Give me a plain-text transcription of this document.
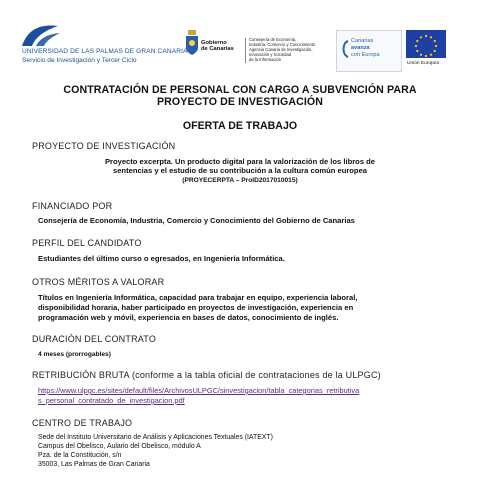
UNIVERSIDAD DE LAS PALMAS DE GRAN CANARIA
Servicio de Investigación y Tercer Ciclo
Gobierno
de Canarias
Consejería de Economía,
Industria, Comercio y Conocimiento
Agencia Canaria de Investigación,
Innovación y Sociedad
de la Información
Canarias
avanza
con Europa
Unión Europea
CONTRATACIÓN DE PERSONAL CON CARGO A SUBVENCIÓN PARA
PROYECTO DE INVESTIGACIÓN
OFERTA DE TRABAJO
PROYECTO DE INVESTIGACIÓN
Proyecto excerpta. Un producto digital para la valorización de los libros de
sentencias y el estudio de su contribución a la cultura común europea
(PROYECERPTA – ProID2017010015)
FINANCIADO POR
Consejería de Economía, Industria, Comercio y Conocimiento del Gobierno de Canarias
PERFIL DEL CANDIDATO
Estudiantes del último curso o egresados, en Ingeniería Informática.
OTROS MÉRITOS A VALORAR
Títulos en Ingeniería Informática, capacidad para trabajar en equipo, experiencia laboral,
disponibilidad horaria, haber participado en proyectos de investigación, experiencia en
programación web y móvil, experiencia en bases de datos, conocimiento de inglés.
DURACIÓN DEL CONTRATO
4 meses (prorrogables)
RETRIBUCIÓN BRUTA (conforme a la tabla oficial de contrataciones de la ULPGC)
https://www.ulpgc.es/sites/default/files/ArchivosULPGC/sinvestigacion/tabla_categorias_retributiva
s_personal_contratado_de_investigacion.pdf
CENTRO DE TRABAJO
Sede del Instituto Universitario de Análisis y Aplicaciones Textuales (IATEXT)
Campus del Obelisco, Aulario del Obelisco, módulo A
Pza. de la Constitución, s/n
35003, Las Palmas de Gran Canaria
